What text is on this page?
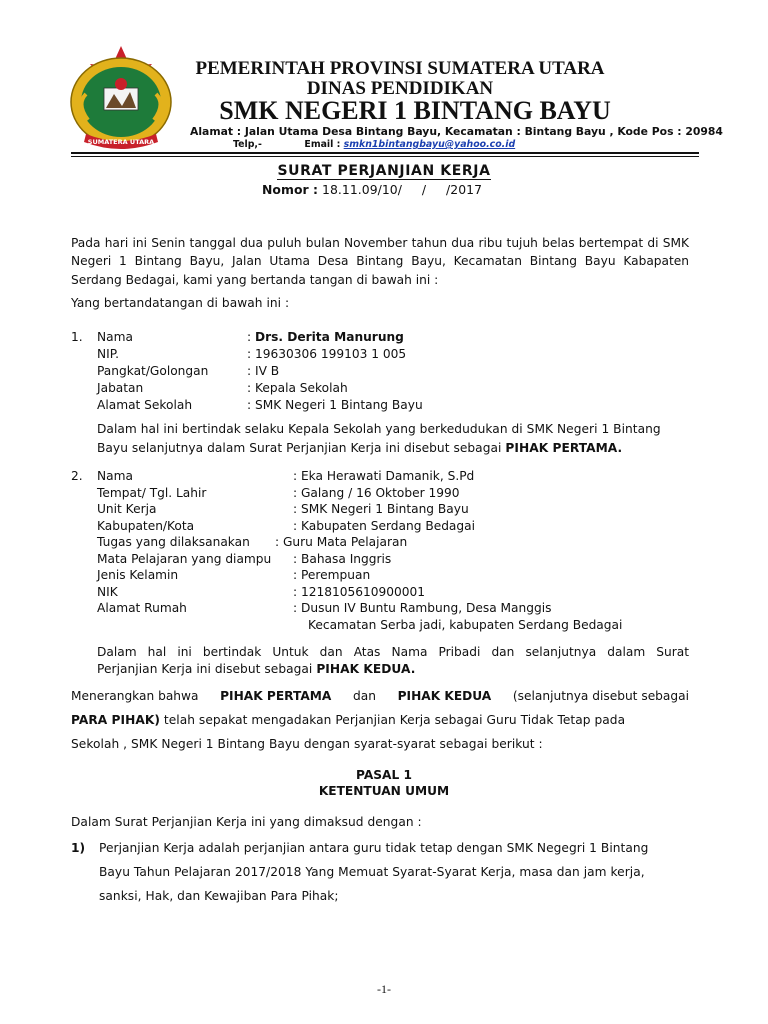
SUMATERA UTARA
PEMERINTAH PROVINSI SUMATERA UTARA
DINAS PENDIDIKAN
SMK NEGERI 1 BINTANG BAYU
Alamat : Jalan Utama Desa Bintang Bayu, Kecamatan : Bintang Bayu , Kode Pos : 20984
Telp,-	Email : smkn1bintangbayu@yahoo.co.id
SURAT PERJANJIAN KERJA
Nomor : 18.11.09/10/     /     /2017
Pada hari ini Senin tanggal dua puluh bulan November tahun dua ribu tujuh belas bertempat di SMK Negeri 1 Bintang Bayu, Jalan Utama Desa Bintang Bayu, Kecamatan Bintang Bayu Kabapaten Serdang Bedagai, kami yang bertanda tangan di bawah ini :
Yang bertandatangan di bawah ini :
1. Nama	: Drs. Derita Manurung
NIP.	: 19630306 199103 1 005
Pangkat/Golongan	: IV B
Jabatan	: Kepala Sekolah
Alamat Sekolah	: SMK Negeri 1 Bintang Bayu
Dalam hal ini bertindak selaku Kepala Sekolah yang berkedudukan di SMK Negeri 1 Bintang
Bayu selanjutnya dalam Surat Perjanjian Kerja ini disebut sebagai PIHAK PERTAMA.
2. Nama	: Eka Herawati Damanik, S.Pd
Tempat/ Tgl. Lahir	: Galang / 16 Oktober 1990
Unit Kerja	: SMK Negeri 1 Bintang Bayu
Kabupaten/Kota	: Kabupaten Serdang Bedagai
Tugas yang dilaksanakan	: Guru Mata Pelajaran
Mata Pelajaran yang diampu	: Bahasa Inggris
Jenis Kelamin	: Perempuan
NIK	: 1218105610900001
Alamat Rumah	: Dusun IV Buntu Rambung, Desa Manggis
Kecamatan Serba jadi, kabupaten Serdang Bedagai
Dalam hal ini bertindak Untuk dan Atas Nama Pribadi dan selanjutnya dalam Surat
Perjanjian Kerja ini disebut sebagai PIHAK KEDUA.
Menerangkan bahwa PIHAK PERTAMA dan PIHAK KEDUA (selanjutnya disebut sebagai
PARA PIHAK) telah sepakat mengadakan Perjanjian Kerja sebagai Guru Tidak Tetap pada
Sekolah , SMK Negeri 1 Bintang Bayu dengan syarat-syarat sebagai berikut :
PASAL 1
KETENTUAN UMUM
Dalam Surat Perjanjian Kerja ini yang dimaksud dengan :
1) Perjanjian Kerja adalah perjanjian antara guru tidak tetap dengan SMK Negegri 1 Bintang
Bayu Tahun Pelajaran 2017/2018 Yang Memuat Syarat-Syarat Kerja, masa dan jam kerja,
sanksi, Hak, dan Kewajiban Para Pihak;
-1-
